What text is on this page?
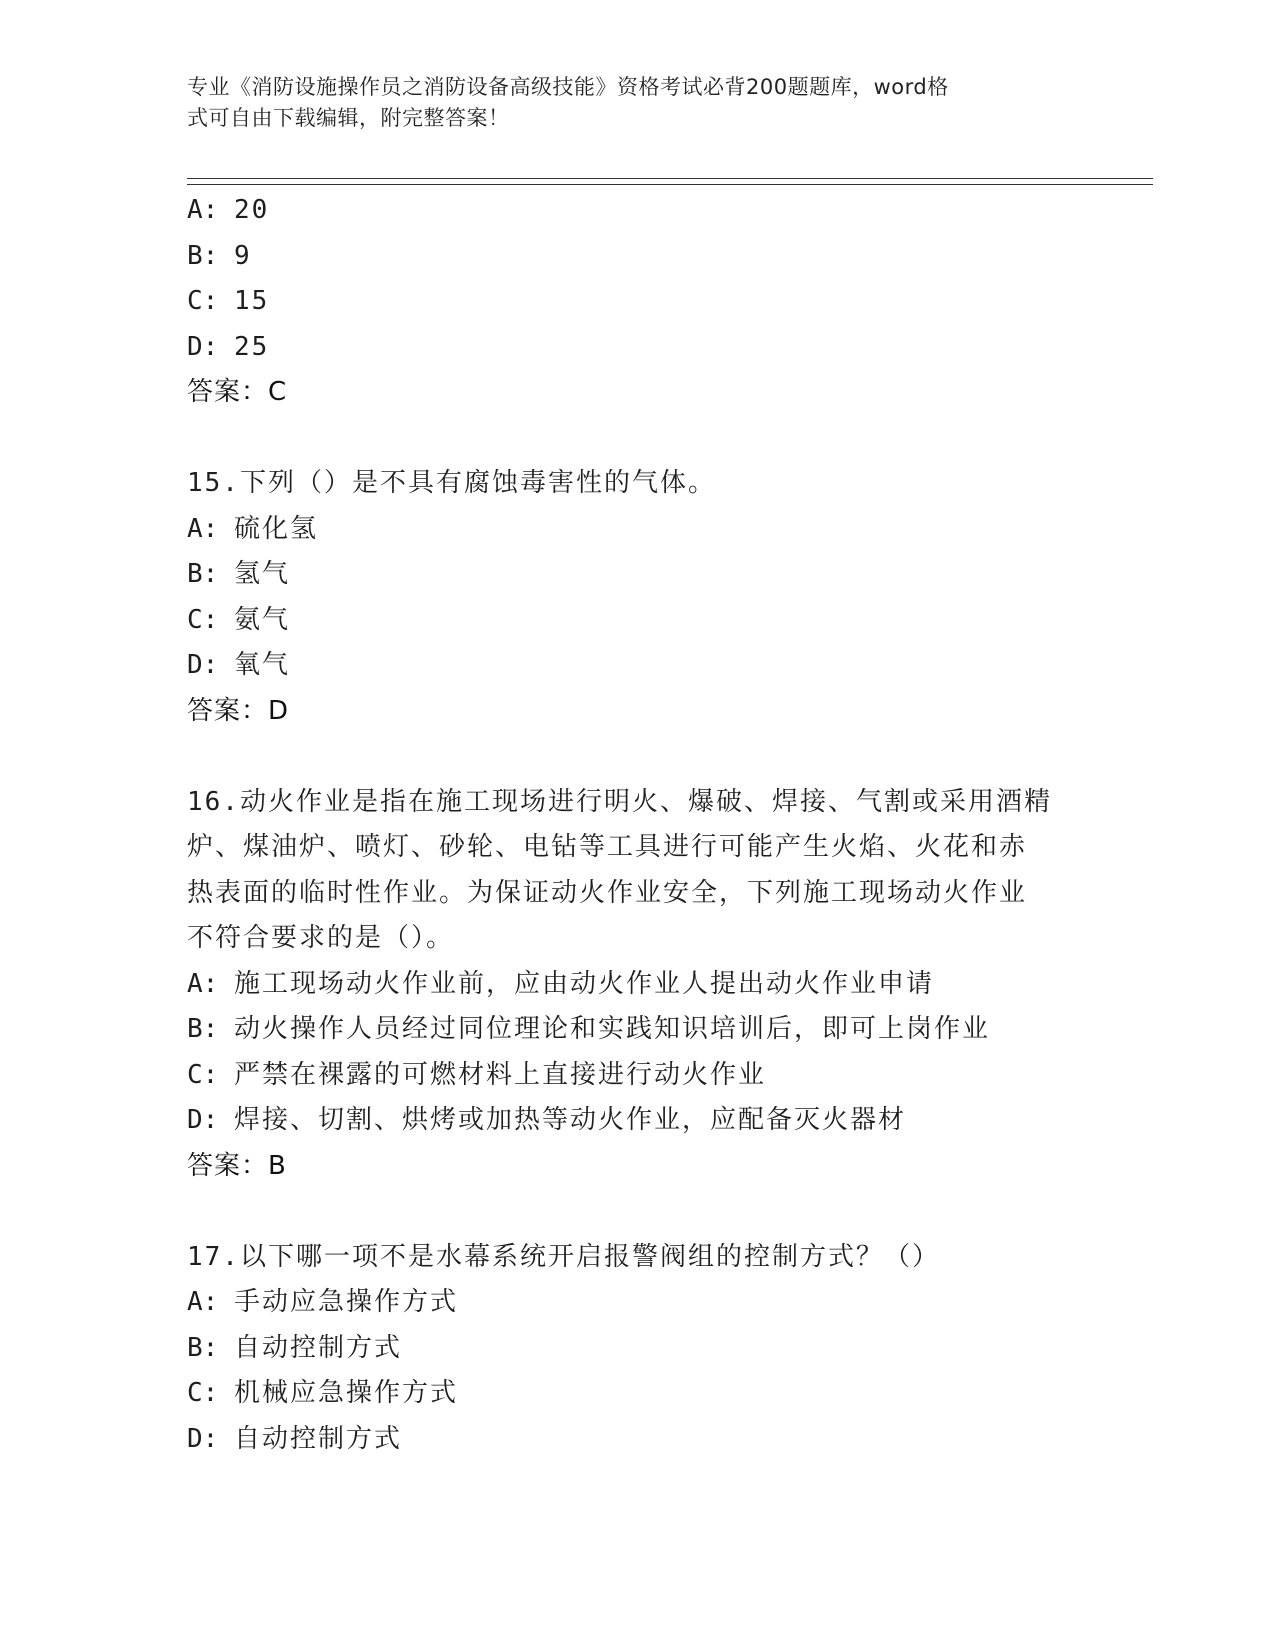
专业《消防设施操作员之消防设备高级技能》资格考试必背200题题库，word格
式可自由下载编辑，附完整答案！
A: 20
B: 9
C: 15
D: 25
答案：C
15.下列（）是不具有腐蚀毒害性的气体。
A: 硫化氢
B: 氢气
C: 氨气
D: 氧气
答案：D
16.动火作业是指在施工现场进行明火、爆破、焊接、气割或采用酒精
炉、煤油炉、喷灯、砂轮、电钻等工具进行可能产生火焰、火花和赤
热表面的临时性作业。为保证动火作业安全，下列施工现场动火作业
不符合要求的是（）。
A: 施工现场动火作业前，应由动火作业人提出动火作业申请
B: 动火操作人员经过同位理论和实践知识培训后，即可上岗作业
C: 严禁在裸露的可燃材料上直接进行动火作业
D: 焊接、切割、烘烤或加热等动火作业，应配备灭火器材
答案：B
17.以下哪一项不是水幕系统开启报警阀组的控制方式？（）
A: 手动应急操作方式
B: 自动控制方式
C: 机械应急操作方式
D: 自动控制方式
